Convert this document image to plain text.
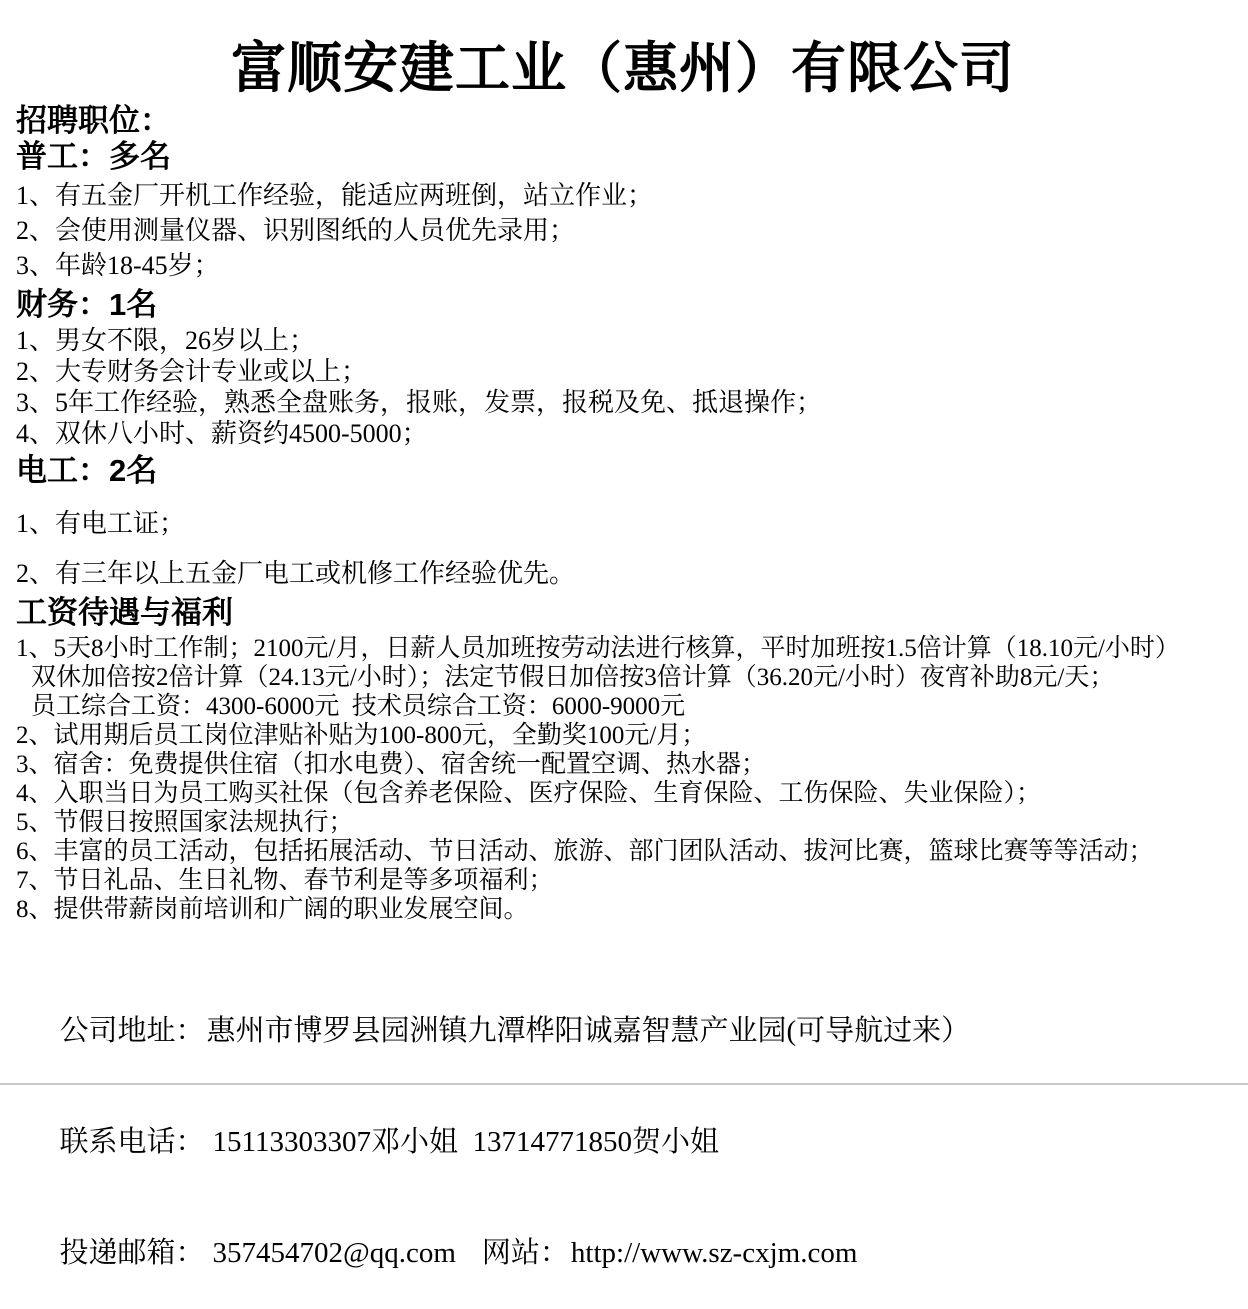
富顺安建工业（惠州）有限公司
招聘职位：
普工：多名

1、有五金厂开机工作经验，能适应两班倒，站立作业；

2、会使用测量仪器、识别图纸的人员优先录用；

3、年龄18-45岁；

财务：1名

1、男女不限，26岁以上；

2、大专财务会计专业或以上；

3、5年工作经验，熟悉全盘账务，报账，发票，报税及免、抵退操作；

4、双休八小时、薪资约4500-5000；

电工：2名

1、有电工证；

2、有三年以上五金厂电工或机修工作经验优先。

工资待遇与福利

1、5天8小时工作制；2100元/月，日薪人员加班按劳动法进行核算，平时加班按1.5倍计算（18.10元/小时）

双休加倍按2倍计算（24.13元/小时）；法定节假日加倍按3倍计算（36.20元/小时）夜宵补助8元/天；

员工综合工资：4300-6000元  技术员综合工资：6000-9000元

2、试用期后员工岗位津贴补贴为100-800元，全勤奖100元/月；

3、宿舍：免费提供住宿（扣水电费）、宿舍统一配置空调、热水器；

4、入职当日为员工购买社保（包含养老保险、医疗保险、生育保险、工伤保险、失业保险）；

5、节假日按照国家法规执行；

6、丰富的员工活动，包括拓展活动、节日活动、旅游、部门团队活动、拔河比赛，篮球比赛等等活动；

7、节日礼品、生日礼物、春节利是等多项福利；

8、提供带薪岗前培训和广阔的职业发展空间。

公司地址：惠州市博罗县园洲镇九潭桦阳诚嘉智慧产业园(可导航过来）

联系电话： 15113303307邓小姐  13714771850贺小姐

投递邮箱： 357454702@qq.com 网站：http://www.sz-cxjm.com
